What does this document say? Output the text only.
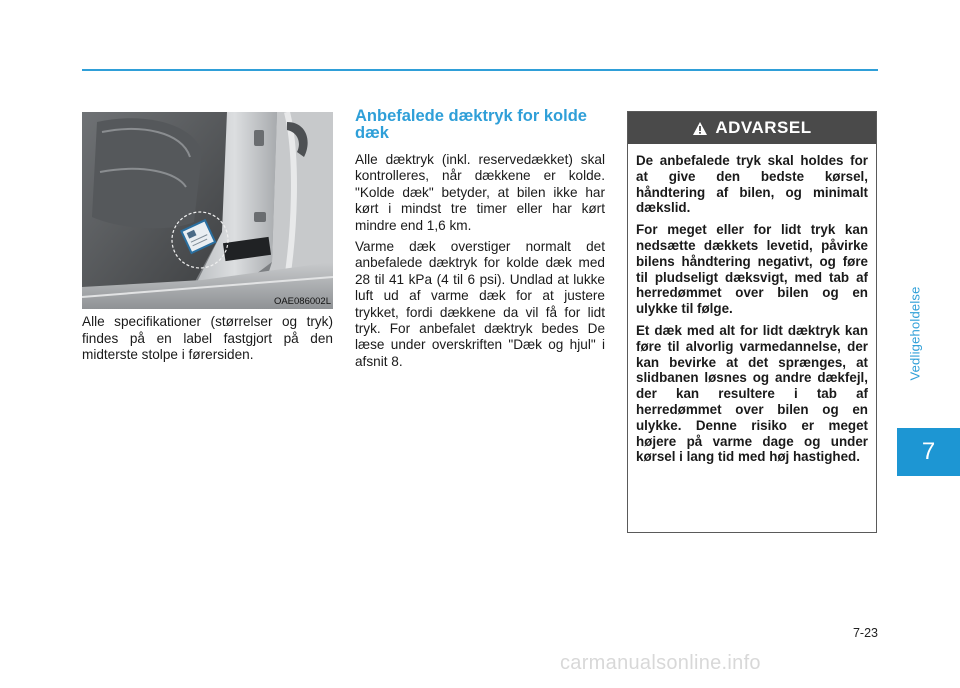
Vedligeholdelse
7
OAE086002L
Alle specifikationer (størrelser og tryk) findes på en label fastgjort på den midterste stolpe i førersiden.
Anbefalede dæktryk for kolde dæk

Alle dæktryk (inkl. reservedækket) skal kontrolleres, når dækkene er kolde. "Kolde dæk" betyder, at bilen ikke har kørt i mindst tre timer eller har kørt mindre end 1,6 km.

Varme dæk overstiger normalt det anbefalede dæktryk for kolde dæk med 28 til 41 kPa (4 til 6 psi). Undlad at lukke luft ud af varme dæk for at justere trykket, fordi dækkene da vil få for lidt tryk. For anbefalet dæktryk bedes De læse under overskriften "Dæk og hjul" i afsnit 8.

ADVARSEL

De anbefalede tryk skal holdes for at give den bedste kørsel, håndtering af bilen, og minimalt dækslid.

For meget eller for lidt tryk kan nedsætte dækkets levetid, påvirke bilens håndtering negativt, og føre til pludseligt dæksvigt, med tab af herredømmet over bilen og en ulykke til følge.

Et dæk med alt for lidt dæktryk kan føre til alvorlig varmedannelse, der kan bevirke at det sprænges, at slidbanen løsnes og andre dækfejl, der kan resultere i tab af herredømmet over bilen og en ulykke. Denne risiko er meget højere på varme dage og under kørsel i lang tid med høj hastighed.

7-23
carmanualsonline.info
